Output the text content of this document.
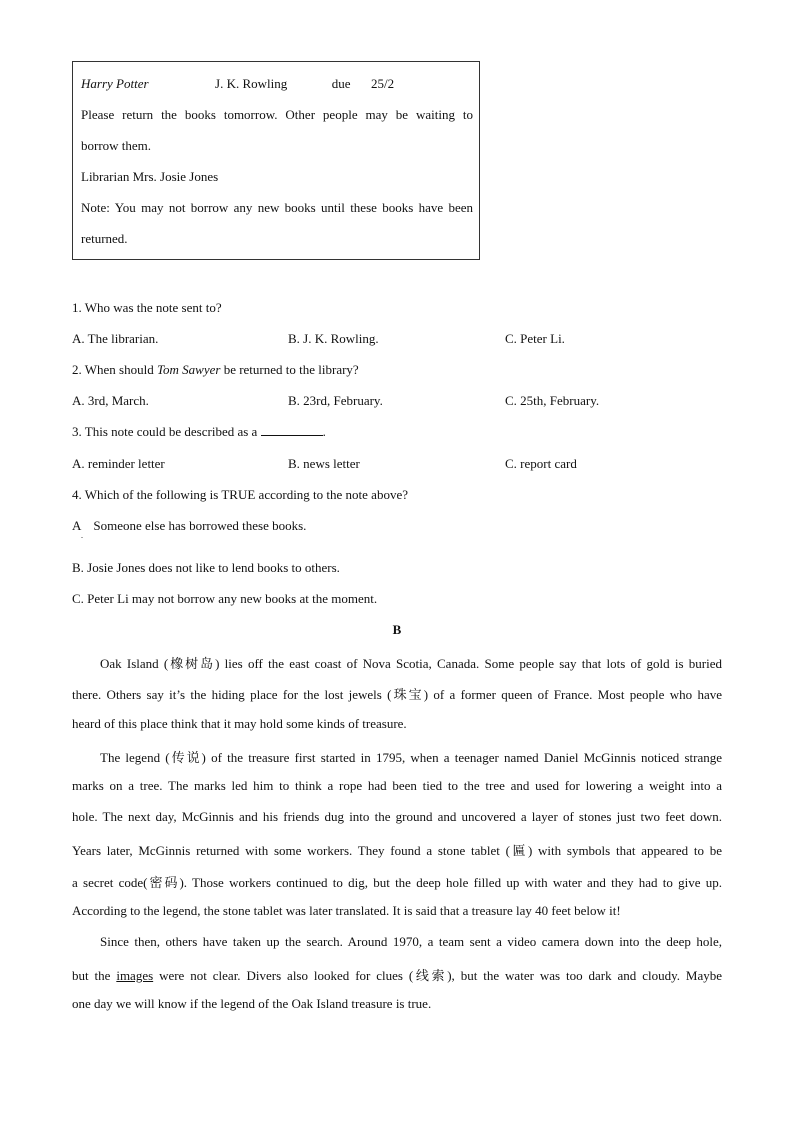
Harry Potter	J. K. Rowling	due 25/2
Please return the books tomorrow. Other people may be waiting to
borrow them.
Librarian Mrs. Josie Jones
Note: You may not borrow any new books until these books have been
returned.
1. Who was the note sent to?
A. The librarian.	B. J. K. Rowling.	C. Peter Li.
2. When should Tom Sawyer be returned to the library?
A. 3rd, March.	B. 23rd, February.	C. 25th, February.
3. This note could be described as a	.
A. reminder letter	B. news letter	C. report card
4. Which of the following is TRUE according to the note above?
A Someone else has borrowed these books.
.
B. Josie Jones does not like to lend books to others.
C. Peter Li may not borrow any new books at the moment.
B
Oak Island (橡树岛) lies off the east coast of Nova Scotia, Canada. Some people say that lots of gold is buried
there. Others say it’s the hiding place for the lost jewels (珠宝) of a former queen of France. Most people who have
heard of this place think that it may hold some kinds of treasure.
The legend (传说) of the treasure first started in 1795, when a teenager named Daniel McGinnis noticed strange
marks on a tree. The marks led him to think a rope had been tied to the tree and used for lowering a weight into a
hole. The next day, McGinnis and his friends dug into the ground and uncovered a layer of stones just two feet down.
Years later, McGinnis returned with some workers. They found a stone tablet (匾) with symbols that appeared to be
a secret code(密码). Those workers continued to dig, but the deep hole filled up with water and they had to give up.
According to the legend, the stone tablet was later translated. It is said that a treasure lay 40 feet below it!
Since then, others have taken up the search. Around 1970, a team sent a video camera down into the deep hole,
but the images were not clear. Divers also looked for clues (线索), but the water was too dark and cloudy. Maybe
one day we will know if the legend of the Oak Island treasure is true.
